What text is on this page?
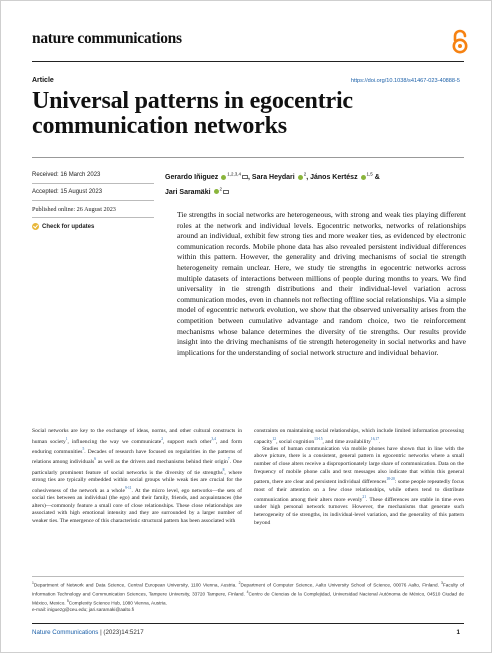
nature communications
Article	https://doi.org/10.1038/s41467-023-40888-5
Universal patterns in egocentric communication networks
Received: 16 March 2023
Accepted: 15 August 2023
Published online: 26 August 2023
Check for updates
Gerardo Iñiguez $^{1,2,3,4}$ , Sara Heydari $^2$, János Kertész $^{1,5}$ &
Jari Saramäki $^2$

Tie strengths in social networks are heterogeneous, with strong and weak ties playing different roles at the network and individual levels. Egocentric networks, networks of relationships around an individual, exhibit few strong ties and more weaker ties, as evidenced by electronic communication records. Mobile phone data has also revealed persistent individual differences within this pattern. However, the generality and driving mechanisms of social tie strength heterogeneity remain unclear. Here, we study tie strengths in egocentric networks across multiple datasets of interactions between millions of people during months to years. We find universality in tie strength distributions and their individual-level variation across communication modes, even in channels not reflecting offline social relationships. Via a simple model of egocentric network evolution, we show that the observed universality arises from the competition between cumulative advantage and random choice, two tie reinforcement mechanisms whose balance determines the diversity of tie strengths. Our results provide insight into the driving mechanisms of tie strength heterogeneity in social networks and have implications for the understanding of social network structure and individual behavior.

Social networks are key to the exchange of ideas, norms, and other cultural constructs in human society$^1$, influencing the way we communicate$^2$, support each other$^{3,4}$, and form enduring communities$^5$. Decades of research have focused on regularities in the patterns of relations among individuals$^6$ as well as the drivers and mechanisms behind their origin$^7$. One particularly prominent feature of social networks is the diversity of tie strengths$^8$, where strong ties are typically embedded within social groups while weak ties are crucial for the cohesiveness of the network as a whole$^{9-11}$. At the micro level, ego networks—the sets of social ties between an individual (the ego) and their family, friends, and acquaintances (the alters)—commonly feature a small core of close relationships. These close relationships are associated with high emotional intensity and they are surrounded by a larger number of weaker ties. The emergence of this characteristic structural pattern has been associated with

constraints on maintaining social relationships, which include limited information processing capacity$^{12}$, social cognition$^{13-15}$, and time availability$^{16,17}$.

Studies of human communication via mobile phones have shown that in line with the above picture, there is a consistent, general pattern in egocentric networks where a small number of close alters receive a disproportionately large share of communication. Data on the frequency of mobile phone calls and text messages also indicate that within this general pattern, there are clear and persistent individual differences$^{18-20}$: some people repeatedly focus most of their attention on a few close relationships, while others tend to distribute communication among their alters more evenly$^{21}$. These differences are stable in time even under high personal network turnover. However, the mechanisms that generate such heterogeneity of tie strengths, its individual-level variation, and the generality of this pattern beyond

$^1$Department of Network and Data Science, Central European University, 1100 Vienna, Austria. $^2$Department of Computer Science, Aalto University School of Science, 00076 Aalto, Finland. $^3$Faculty of Information Technology and Communication Sciences, Tampere University, 33720 Tampere, Finland. $^4$Centro de Ciencias de la Complejidad, Universidad Nacional Autónoma de México, 04510 Ciudad de México, Mexico. $^5$Complexity Science Hub, 1080 Vienna, Austria.
e-mail: iniguezg@ceu.edu; jari.saramaki@aalto.fi
Nature Communications | (2023)14:5217	1
